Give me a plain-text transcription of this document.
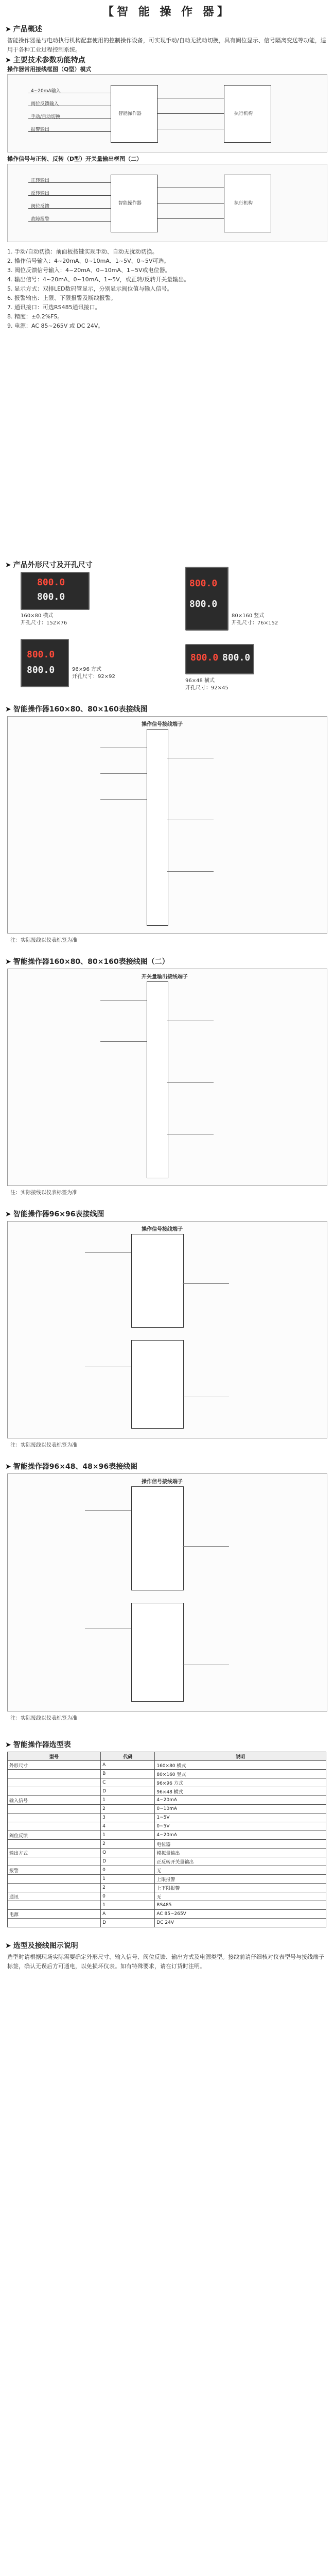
【智 能 操 作 器】
➤ 产品概述
智能操作器是与电动执行机构配套使用的控制操作设备，可实现手动/自动无扰动切换，具有阀位显示、信号隔离变送等功能，适用于各种工业过程控制系统。
➤ 主要技术参数功能特点
操作器常用接线框图（Q型）模式
智能操作器	执行机构
4~20mA输入
阀位反馈输入
手动/自动切换
报警输出
操作信号与正转、反转（D型）开关量输出框图（二）
智能操作器	执行机构
正转输出
反转输出
阀位反馈
故障报警
1. 手动/自动切换：前面板按键实现手动、自动无扰动切换。
2. 操作信号输入：4~20mA、0~10mA、1~5V、0~5V可选。
3. 阀位反馈信号输入：4~20mA、0~10mA、1~5V或电位器。
4. 输出信号：4~20mA、0~10mA、1~5V，或正转/反转开关量输出。
5. 显示方式：双排LED数码管显示，分别显示阀位值与输入信号。
6. 报警输出：上限、下限报警及断线报警。
7. 通讯接口：可选RS485通讯接口。
8. 精度：±0.2%FS。
9. 电源：AC 85~265V 或 DC 24V。
➤ 产品外形尺寸及开孔尺寸
800.0
800.0
160×80 横式
开孔尺寸：152×76
800.0
800.0
80×160 竖式
开孔尺寸：76×152
800.0
800.0	96×96 方式
开孔尺寸：92×92
800.0 800.0
96×48 横式
开孔尺寸：92×45
➤ 智能操作器160×80、80×160表接线图
操作信号接线端子
注：实际接线以仪表标签为准
➤ 智能操作器160×80、80×160表接线图（二）
开关量输出接线端子
注：实际接线以仪表标签为准
➤ 智能操作器96×96表接线图
操作信号接线端子
注：实际接线以仪表标签为准
➤ 智能操作器96×48、48×96表接线图
操作信号接线端子
注：实际接线以仪表标签为准
➤ 智能操作器选型表
型号	代码	说明
外形尺寸	A	160×80 横式
	B	80×160 竖式
	C	96×96 方式
	D	96×48 横式
输入信号	1	4~20mA
	2	0~10mA
	3	1~5V
	4	0~5V
阀位反馈	1	4~20mA
	2	电位器
输出方式	Q	模拟量输出
	D	正反转开关量输出
报警	0	无
	1	上限报警
	2	上下限报警
通讯	0	无
	1	RS485
电源	A	AC 85~265V
	D	DC 24V
➤ 选型及接线图示说明
选型时请根据现场实际需要确定外形尺寸、输入信号、阀位反馈、输出方式及电源类型。接线前请仔细核对仪表型号与接线端子标签，确认无误后方可通电，以免损坏仪表。如有特殊要求，请在订货时注明。
